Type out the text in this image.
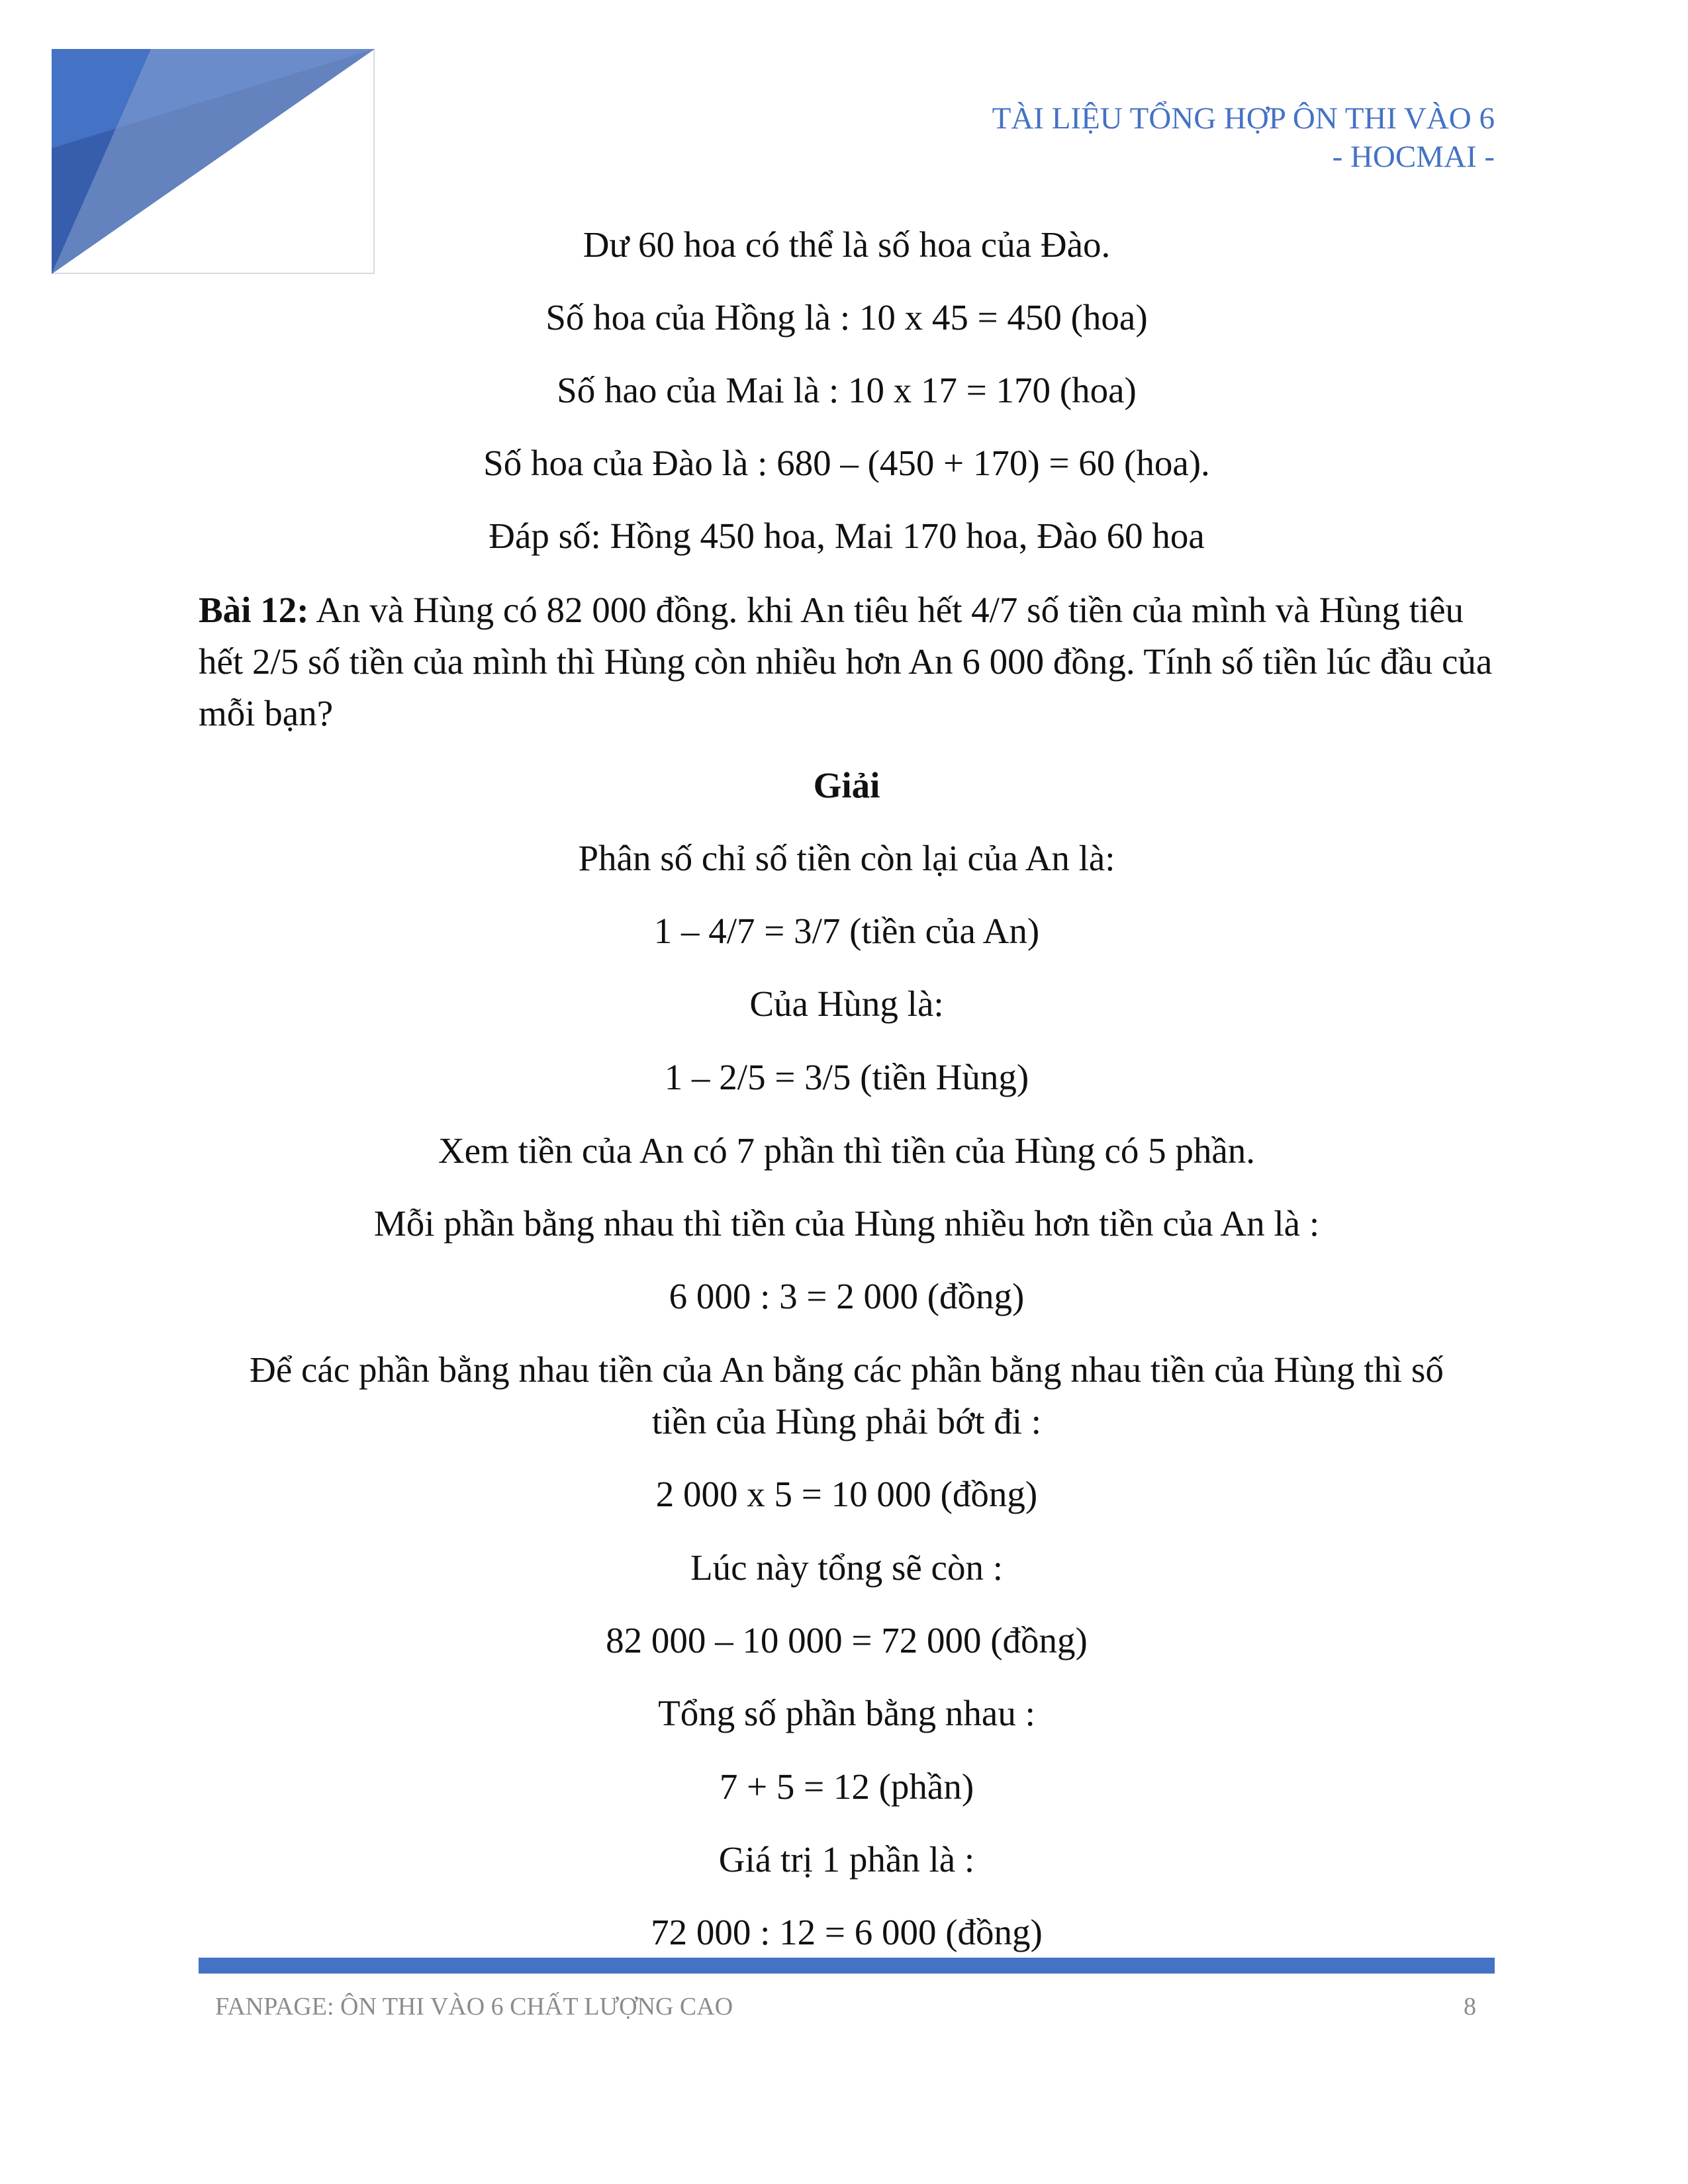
TÀI LIỆU TỔNG HỢP ÔN THI VÀO 6
- HOCMAI -
Dư 60 hoa có thể là số hoa của Đào.
Số hoa của Hồng là : 10 x 45 = 450 (hoa)
Số hao của Mai là : 10 x 17 = 170 (hoa)
Số hoa của Đào là : 680 – (450 + 170) = 60 (hoa).
Đáp số: Hồng 450 hoa, Mai 170 hoa, Đào 60 hoa
Bài 12: An và Hùng có 82 000 đồng. khi An tiêu hết 4/7 số tiền của mình và Hùng tiêu hết 2/5 số tiền của mình thì Hùng còn nhiều hơn An 6 000 đồng. Tính số tiền lúc đầu của mỗi bạn?
Giải
Phân số chỉ số tiền còn lại của An là:
1 – 4/7 = 3/7 (tiền của An)
Của Hùng là:
1 – 2/5 = 3/5 (tiền Hùng)
Xem tiền của An có 7 phần thì tiền của Hùng có 5 phần.
Mỗi phần bằng nhau thì tiền của Hùng nhiều hơn tiền của An là :
6 000 : 3 = 2 000 (đồng)
Để các phần bằng nhau tiền của An bằng các phần bằng nhau tiền của Hùng thì số
tiền của Hùng phải bớt đi :
2 000 x 5 = 10 000 (đồng)
Lúc này tổng sẽ còn :
82 000 – 10 000 = 72 000 (đồng)
Tổng số phần bằng nhau :
7 + 5 = 12 (phần)
Giá trị 1 phần là :
72 000 : 12 = 6 000 (đồng)
FANPAGE: ÔN THI VÀO 6 CHẤT LƯỢNG CAO	8
